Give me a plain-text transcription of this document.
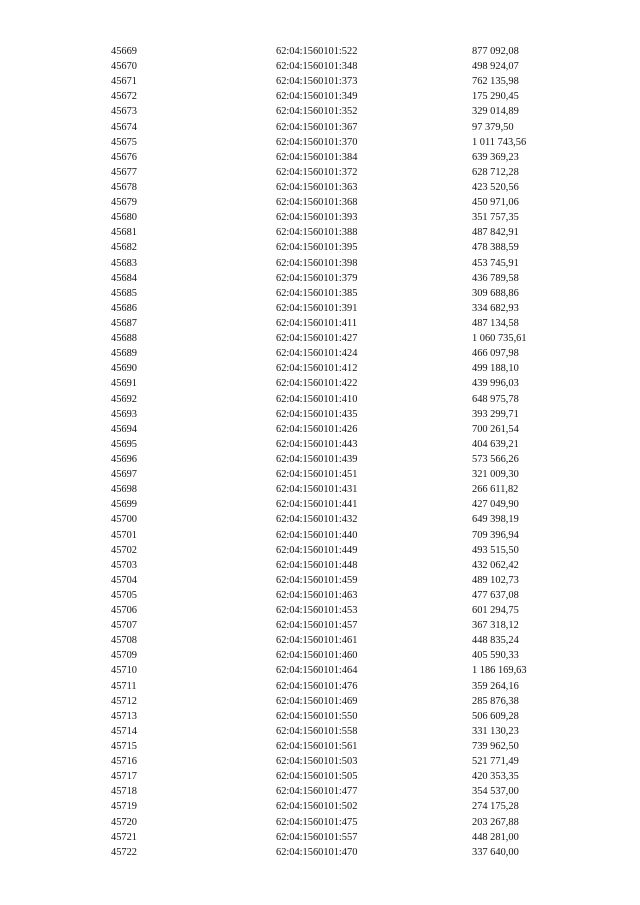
45669	62:04:1560101:522	877 092,08
45670	62:04:1560101:348	498 924,07
45671	62:04:1560101:373	762 135,98
45672	62:04:1560101:349	175 290,45
45673	62:04:1560101:352	329 014,89
45674	62:04:1560101:367	97 379,50
45675	62:04:1560101:370	1 011 743,56
45676	62:04:1560101:384	639 369,23
45677	62:04:1560101:372	628 712,28
45678	62:04:1560101:363	423 520,56
45679	62:04:1560101:368	450 971,06
45680	62:04:1560101:393	351 757,35
45681	62:04:1560101:388	487 842,91
45682	62:04:1560101:395	478 388,59
45683	62:04:1560101:398	453 745,91
45684	62:04:1560101:379	436 789,58
45685	62:04:1560101:385	309 688,86
45686	62:04:1560101:391	334 682,93
45687	62:04:1560101:411	487 134,58
45688	62:04:1560101:427	1 060 735,61
45689	62:04:1560101:424	466 097,98
45690	62:04:1560101:412	499 188,10
45691	62:04:1560101:422	439 996,03
45692	62:04:1560101:410	648 975,78
45693	62:04:1560101:435	393 299,71
45694	62:04:1560101:426	700 261,54
45695	62:04:1560101:443	404 639,21
45696	62:04:1560101:439	573 566,26
45697	62:04:1560101:451	321 009,30
45698	62:04:1560101:431	266 611,82
45699	62:04:1560101:441	427 049,90
45700	62:04:1560101:432	649 398,19
45701	62:04:1560101:440	709 396,94
45702	62:04:1560101:449	493 515,50
45703	62:04:1560101:448	432 062,42
45704	62:04:1560101:459	489 102,73
45705	62:04:1560101:463	477 637,08
45706	62:04:1560101:453	601 294,75
45707	62:04:1560101:457	367 318,12
45708	62:04:1560101:461	448 835,24
45709	62:04:1560101:460	405 590,33
45710	62:04:1560101:464	1 186 169,63
45711	62:04:1560101:476	359 264,16
45712	62:04:1560101:469	285 876,38
45713	62:04:1560101:550	506 609,28
45714	62:04:1560101:558	331 130,23
45715	62:04:1560101:561	739 962,50
45716	62:04:1560101:503	521 771,49
45717	62:04:1560101:505	420 353,35
45718	62:04:1560101:477	354 537,00
45719	62:04:1560101:502	274 175,28
45720	62:04:1560101:475	203 267,88
45721	62:04:1560101:557	448 281,00
45722	62:04:1560101:470	337 640,00
